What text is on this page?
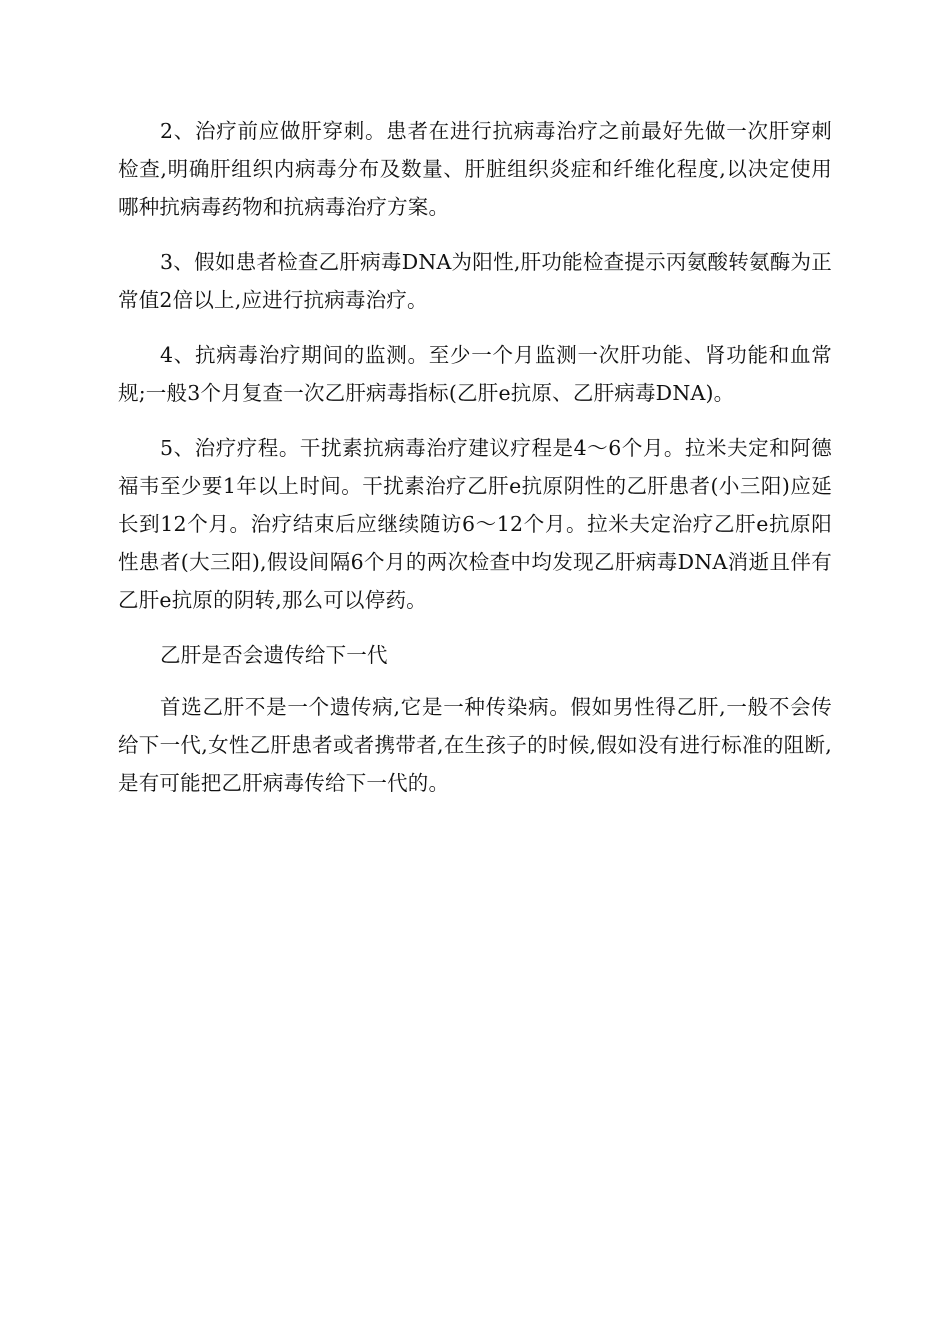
2、治疗前应做肝穿刺。患者在进行抗病毒治疗之前最好先做一次肝穿刺检查,明确肝组织内病毒分布及数量、肝脏组织炎症和纤维化程度,以决定使用哪种抗病毒药物和抗病毒治疗方案。

3、假如患者检查乙肝病毒DNA为阳性,肝功能检查提示丙氨酸转氨酶为正常值2倍以上,应进行抗病毒治疗。

4、抗病毒治疗期间的监测。至少一个月监测一次肝功能、肾功能和血常规;一般3个月复查一次乙肝病毒指标(乙肝e抗原、乙肝病毒DNA)。

5、治疗疗程。干扰素抗病毒治疗建议疗程是4～6个月。拉米夫定和阿德福韦至少要1年以上时间。干扰素治疗乙肝e抗原阴性的乙肝患者(小三阳)应延长到12个月。治疗结束后应继续随访6～12个月。拉米夫定治疗乙肝e抗原阳性患者(大三阳),假设间隔6个月的两次检查中均发现乙肝病毒DNA消逝且伴有乙肝e抗原的阴转,那么可以停药。

乙肝是否会遗传给下一代

首选乙肝不是一个遗传病,它是一种传染病。假如男性得乙肝,一般不会传给下一代,女性乙肝患者或者携带者,在生孩子的时候,假如没有进行标准的阻断,是有可能把乙肝病毒传给下一代的。
